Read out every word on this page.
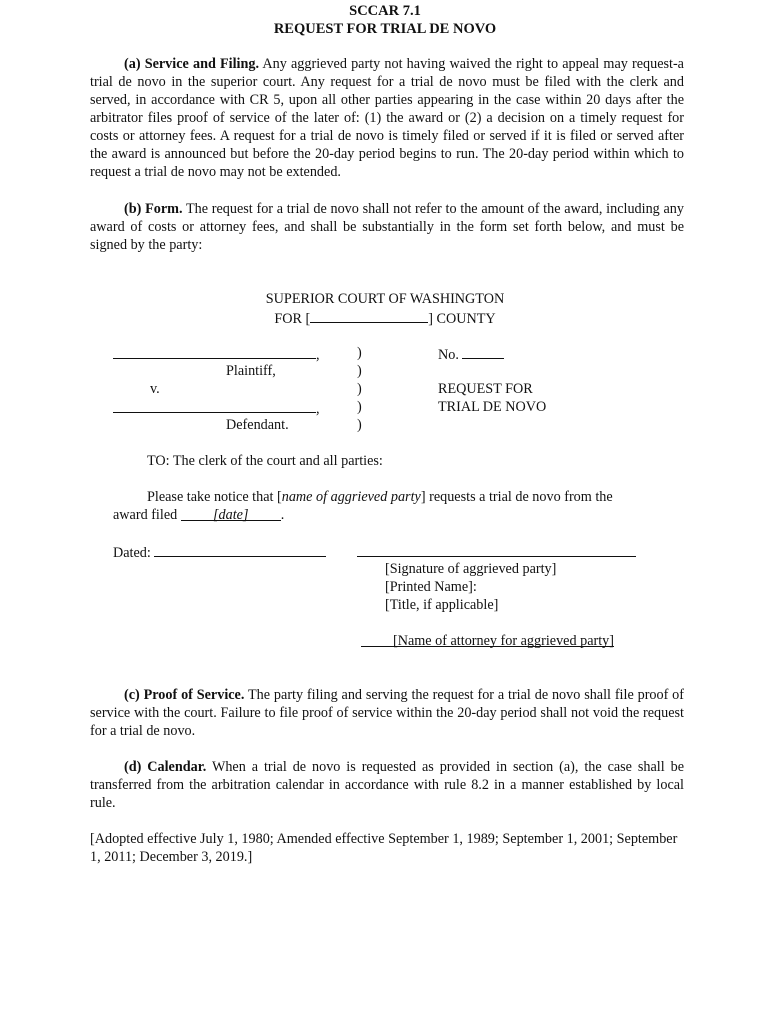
SCCAR 7.1
REQUEST FOR TRIAL DE NOVO
(a) Service and Filing. Any aggrieved party not having waived the right to appeal may request-a trial de novo in the superior court. Any request for a trial de novo must be filed with the clerk and served, in accordance with CR 5, upon all other parties appearing in the case within 20 days after the arbitrator files proof of service of the later of: (1) the award or (2) a decision on a timely request for costs or attorney fees. A request for a trial de novo is timely filed or served if it is filed or served after the award is announced but before the 20-day period begins to run. The 20-day period within which to request a trial de novo may not be extended.
(b) Form. The request for a trial de novo shall not refer to the amount of the award, including any award of costs or attorney fees, and shall be substantially in the form set forth below, and must be signed by the party:
SUPERIOR COURT OF WASHINGTON
FOR [	] COUNTY
,
Plaintiff,
v.
,
Defendant.
)
)
)
)
)
No.
REQUEST FOR
TRIAL DE NOVO
TO: The clerk of the court and all parties:
Please take notice that [name of aggrieved party] requests a trial de novo from the
award filed [date] .
Dated:
[Signature of aggrieved party]
[Printed Name]:
[Title, if applicable]
[Name of attorney for aggrieved party]
(c) Proof of Service. The party filing and serving the request for a trial de novo shall file proof of service with the court. Failure to file proof of service within the 20-day period shall not void the request for a trial de novo.
(d) Calendar. When a trial de novo is requested as provided in section (a), the case shall be transferred from the arbitration calendar in accordance with rule 8.2 in a manner established by local rule.
[Adopted effective July 1, 1980; Amended effective September 1, 1989; September 1, 2001; September 1, 2011; December 3, 2019.]
